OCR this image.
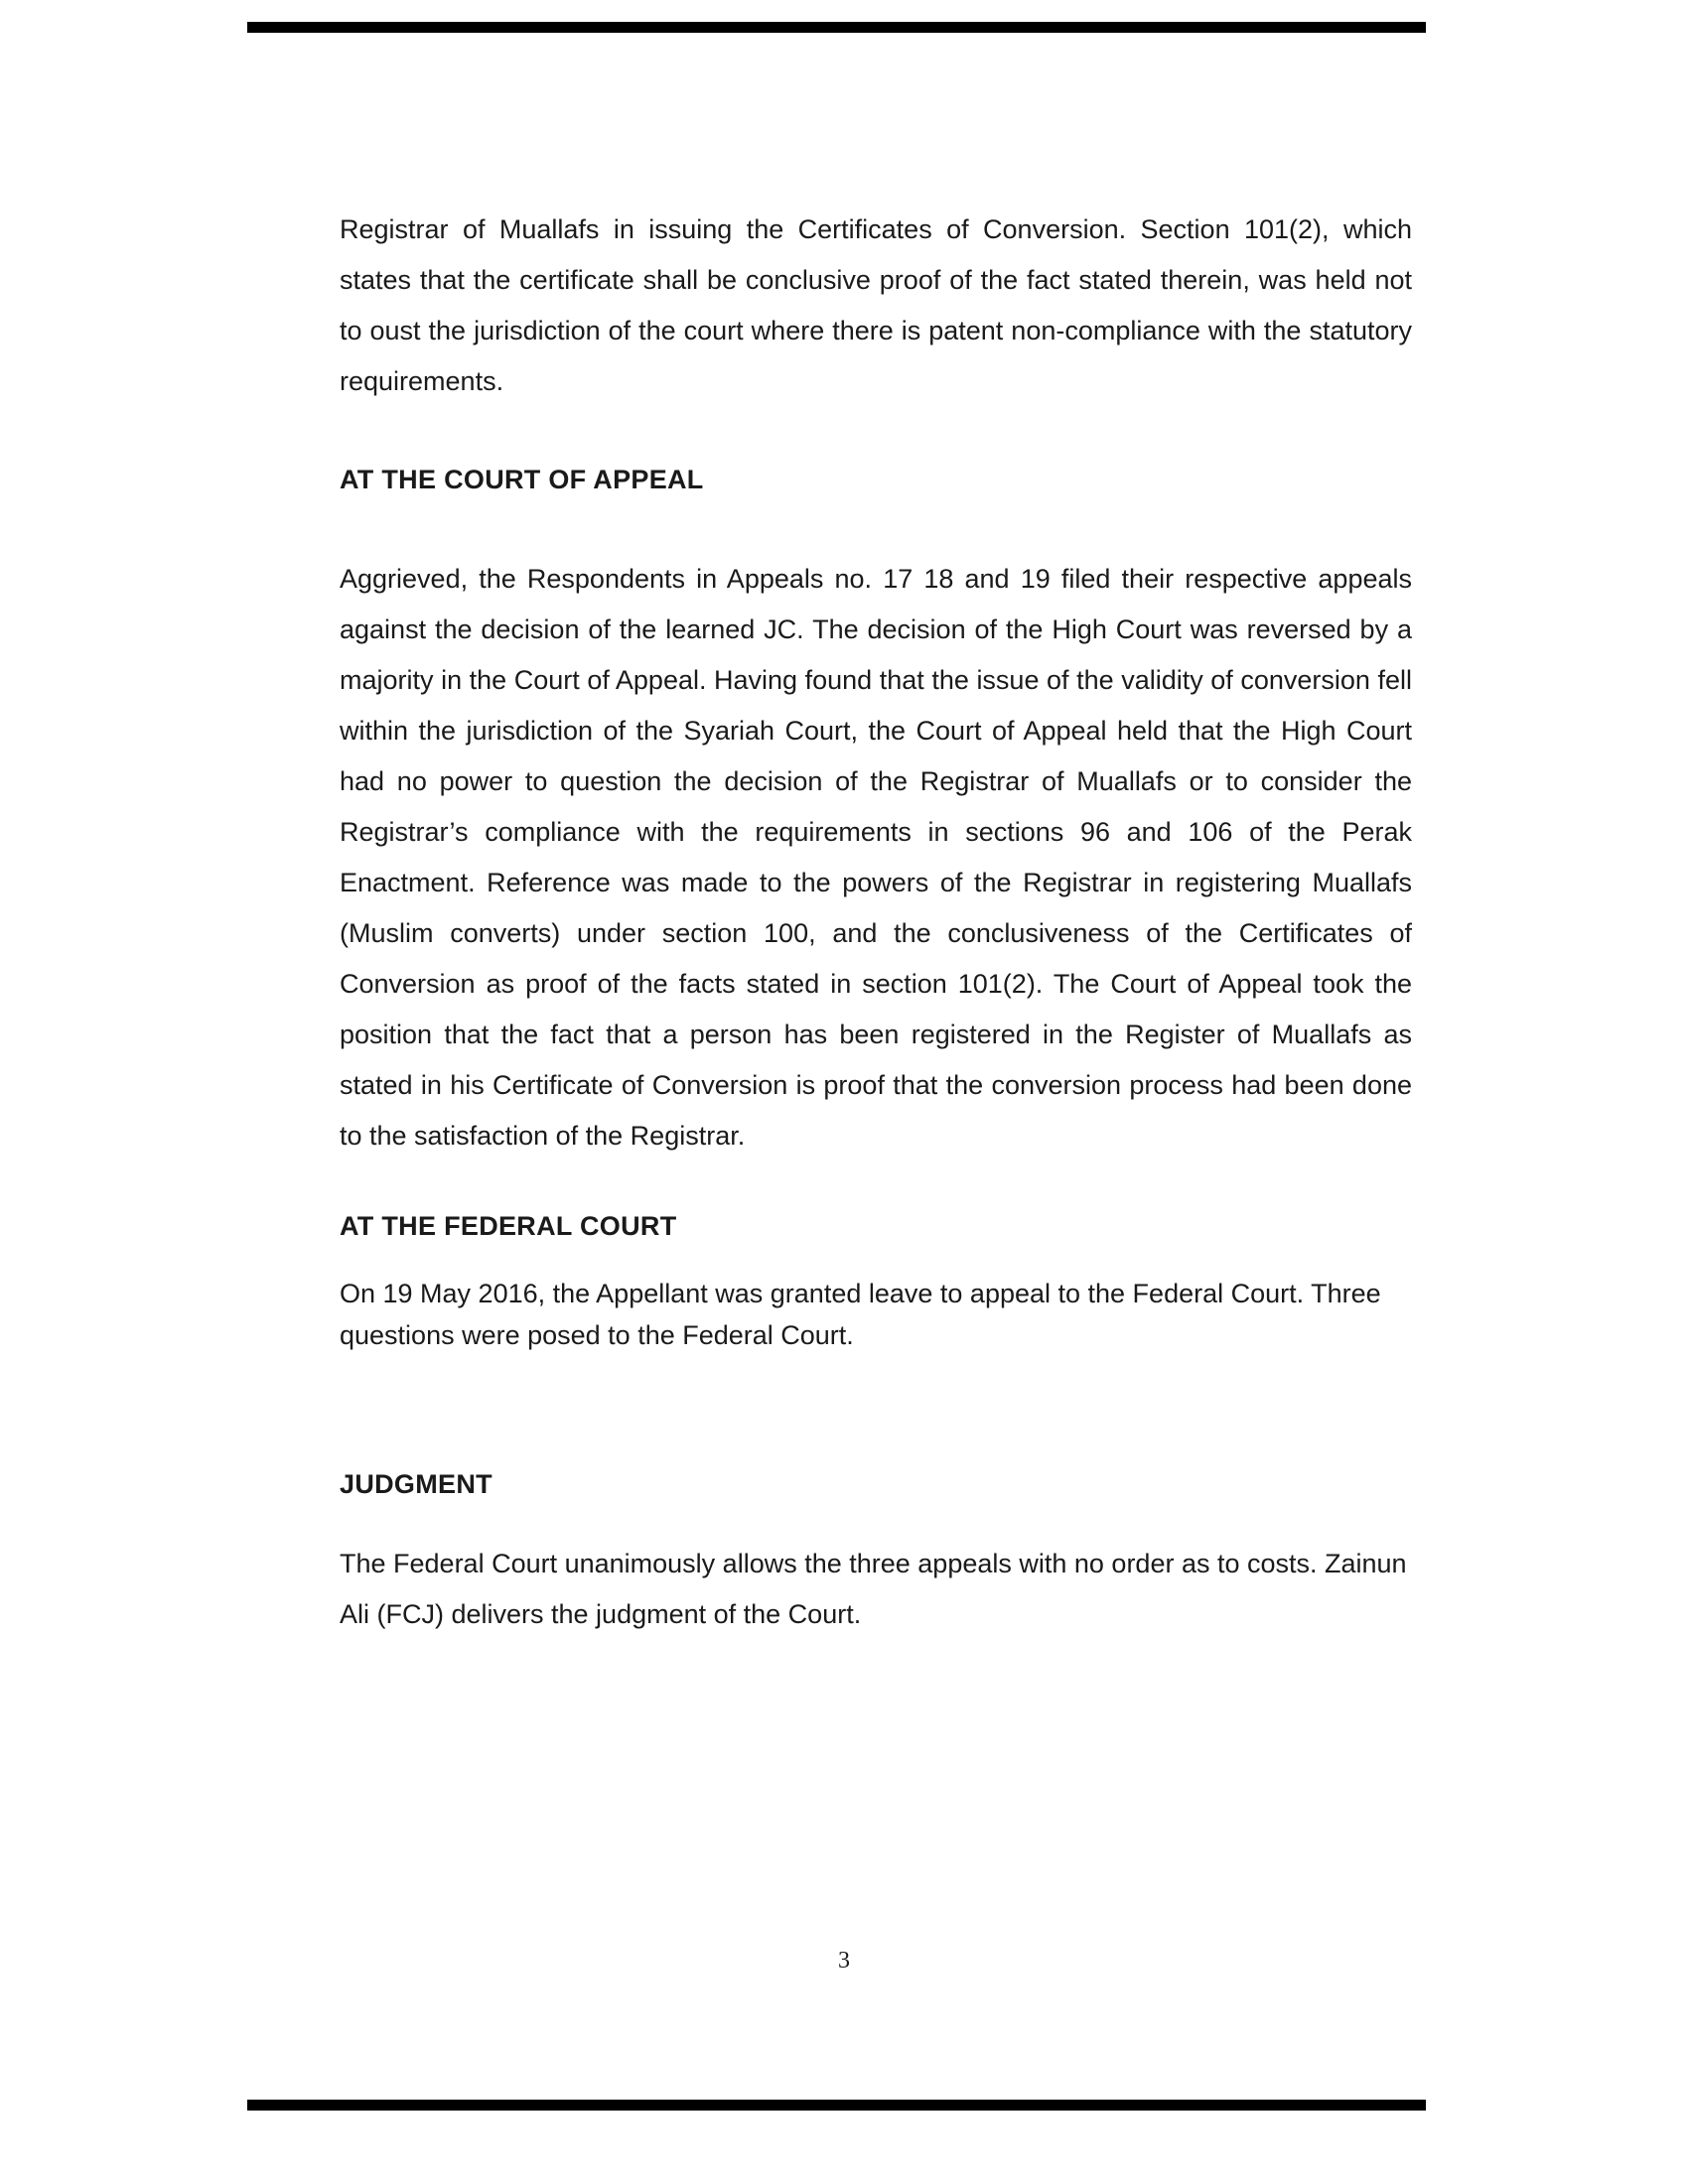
Registrar of Muallafs in issuing the Certificates of Conversion. Section 101(2), which states that the certificate shall be conclusive proof of the fact stated therein, was held not to oust the jurisdiction of the court where there is patent non-compliance with the statutory requirements.

AT THE COURT OF APPEAL

Aggrieved, the Respondents in Appeals no. 17 18 and 19 filed their respective appeals against the decision of the learned JC. The decision of the High Court was reversed by a majority in the Court of Appeal. Having found that the issue of the validity of conversion fell within the jurisdiction of the Syariah Court, the Court of Appeal held that the High Court had no power to question the decision of the Registrar of Muallafs or to consider the Registrar’s compliance with the requirements in sections 96 and 106 of the Perak Enactment. Reference was made to the powers of the Registrar in registering Muallafs (Muslim converts) under section 100, and the conclusiveness of the Certificates of Conversion as proof of the facts stated in section 101(2). The Court of Appeal took the position that the fact that a person has been registered in the Register of Muallafs as stated in his Certificate of Conversion is proof that the conversion process had been done to the satisfaction of the Registrar.

AT THE FEDERAL COURT

On 19 May 2016, the Appellant was granted leave to appeal to the Federal Court. Three questions were posed to the Federal Court.

JUDGMENT

The Federal Court unanimously allows the three appeals with no order as to costs. Zainun Ali (FCJ) delivers the judgment of the Court.

3
